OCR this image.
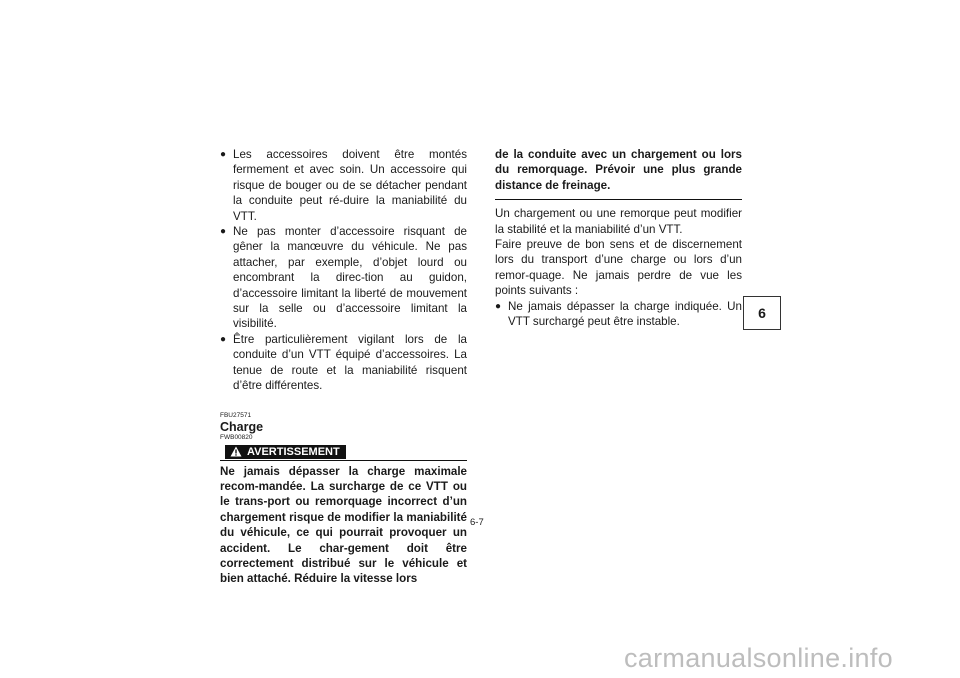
● Les accessoires doivent être montés fermement et avec soin. Un accessoire qui risque de bouger ou de se détacher pendant la conduite peut ré-duire la maniabilité du VTT.
● Ne pas monter d’accessoire risquant de gêner la manœuvre du véhicule. Ne pas attacher, par exemple, d’objet lourd ou encombrant la direc-tion au guidon, d’accessoire limitant la liberté de mouvement sur la selle ou d’accessoire limitant la visibilité.
● Être particulièrement vigilant lors de la conduite d’un VTT équipé d’accessoires. La tenue de route et la maniabilité risquent d’être différentes.

FBU27571

Charge

FWB00820

AVERTISSEMENT
Ne jamais dépasser la charge maximale recom-mandée. La surcharge de ce VTT ou le trans-port ou remorquage incorrect d’un chargement risque de modifier la maniabilité du véhicule, ce qui pourrait provoquer un accident. Le char-gement doit être correctement distribué sur le véhicule et bien attaché. Réduire la vitesse lors
de la conduite avec un chargement ou lors du remorquage. Prévoir une plus grande distance de freinage.
Un chargement ou une remorque peut modifier la stabilité et la maniabilité d’un VTT.
Faire preuve de bon sens et de discernement lors du transport d’une charge ou lors d’un remor-quage. Ne jamais perdre de vue les points suivants :
● Ne jamais dépasser la charge indiquée. Un VTT surchargé peut être instable.
6
6-7
carmanualsonline.info
